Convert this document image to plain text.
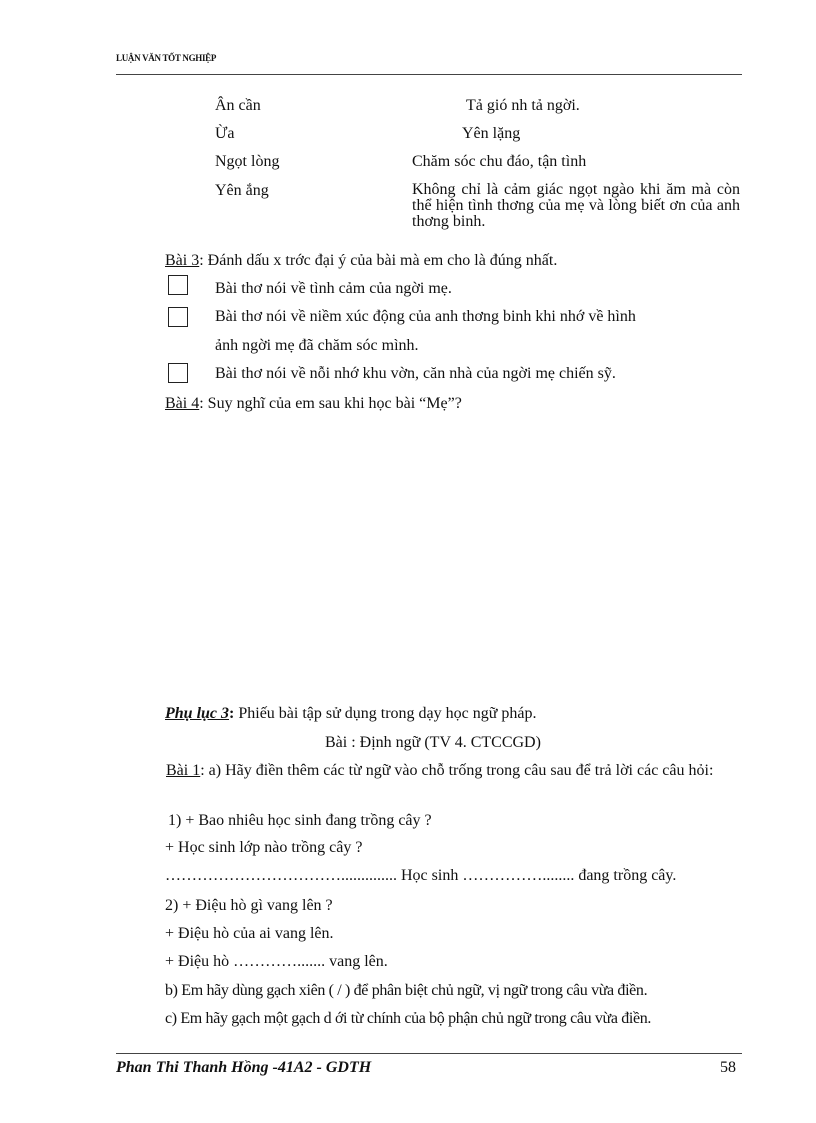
LUẬN VĂN TỐT NGHIỆP
Ân cần	Tả gió nh tả ngời.
Ừa	Yên lặng
Ngọt lòng	Chăm sóc chu đáo, tận tình
Yên ắng	Không chỉ là cảm giác ngọt ngào khi ăm mà còn thể hiện tình thơng của mẹ và lòng biết ơn của anh thơng binh.
Bài 3: Đánh dấu x trớc đại ý của bài mà em cho là đúng nhất.
Bài thơ nói về tình cảm của ngời mẹ.
Bài thơ nói về niềm xúc động của anh thơng binh khi nhớ về hình
ảnh ngời mẹ đã chăm sóc mình.
Bài thơ nói về nỗi nhớ khu vờn, căn nhà của ngời mẹ chiến sỹ.
Bài 4: Suy nghĩ của em sau khi học bài “Mẹ”?
Phụ lục 3: Phiếu bài tập sử dụng trong dạy học ngữ pháp.
Bài : Định ngữ (TV 4. CTCCGD)
Bài 1: a) Hãy điền thêm các từ ngữ vào chỗ trống trong câu sau để trả lời các câu hỏi:
1) + Bao nhiêu học sinh đang trồng cây ?
+ Học sinh lớp nào trồng cây ?
…………………………….............. Học sinh ……………........ đang trồng cây.
2) + Điệu hò gì vang lên ?
+ Điệu hò của ai vang lên.
+ Điệu hò …………....... vang lên.
b) Em hãy dùng gạch xiên ( / ) để phân biệt chủ ngữ, vị ngữ trong câu vừa điền.
c) Em hãy gạch một gạch d ới từ chính của bộ phận chủ ngữ trong câu vừa điền.
Phan Thi Thanh Hồng -41A2 - GDTH	58
